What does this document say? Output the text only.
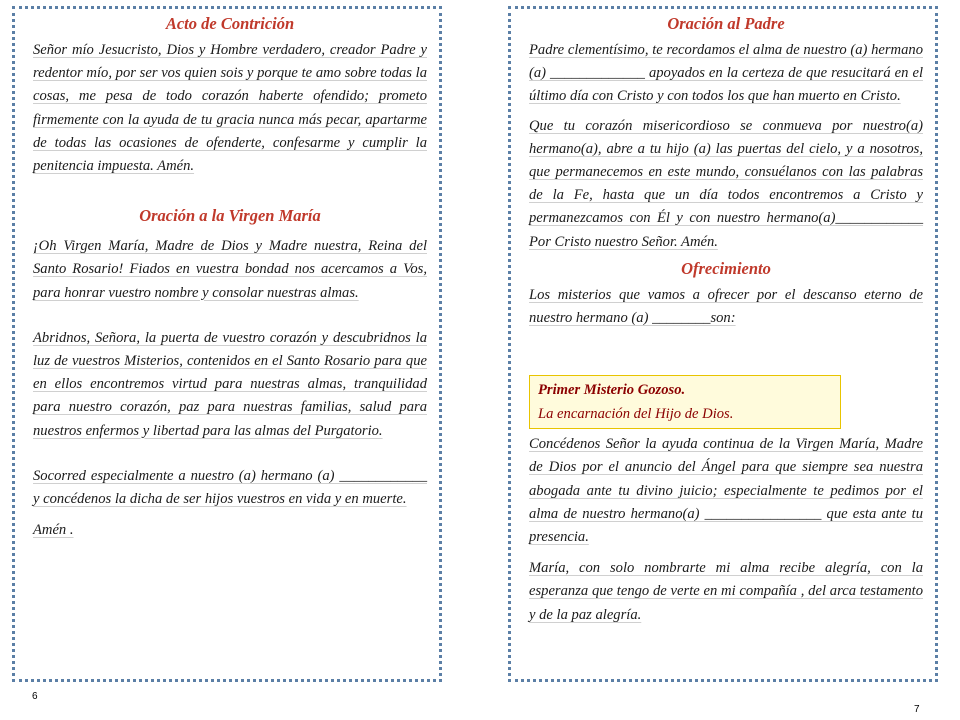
Acto de Contrición

Señor mío Jesucristo, Dios y Hombre verdadero, creador Padre y redentor mío, por ser vos quien sois y porque te amo sobre todas la cosas, me pesa de todo corazón haberte ofendido; prometo firmemente con la ayuda de tu gracia nunca más pecar, apartarme de todas las ocasiones de ofenderte, confesarme y cumplir la penitencia impuesta. Amén.

Oración a la Virgen María

¡Oh Virgen María, Madre de Dios y Madre nuestra, Reina del Santo Rosario! Fiados en vuestra bondad nos acercamos a Vos, para honrar vuestro nombre y consolar nuestras almas.

Abridnos, Señora, la puerta de vuestro corazón y descubridnos la luz de vuestros Misterios, contenidos en el Santo Rosario para que en ellos encontremos virtud para nuestras almas, tranquilidad para nuestro corazón, paz para nuestras familias, salud para nuestros enfermos y libertad para las almas del Purgatorio.

Socorred especialmente a nuestro (a) hermano (a) ____________ y concédenos la dicha de ser hijos vuestros en vida y en muerte.

Amén .

Oración al Padre

Padre clementísimo, te recordamos el alma de nuestro (a) hermano (a) _____________ apoyados en la certeza de que resucitará en el último día con Cristo y con todos los que han muerto en Cristo.

Que tu corazón misericordioso se conmueva por nuestro(a) hermano(a), abre a tu hijo (a) las puertas del cielo, y a nosotros, que permanecemos en este mundo, consuélanos con las palabras de la Fe, hasta que un día todos encontremos a Cristo y permanezcamos con Él y con nuestro hermano(a)____________ Por Cristo nuestro Señor. Amén.

Ofrecimiento

Los misterios que vamos a ofrecer por el descanso eterno de nuestro hermano (a) ________son:

Primer Misterio Gozoso.
La encarnación del Hijo de Dios.

Concédenos Señor la ayuda continua de la Virgen María, Madre de Dios por el anuncio del Ángel para que siempre sea nuestra abogada ante tu divino juicio; especialmente te pedimos por el alma de nuestro hermano(a) ________________ que esta ante tu presencia.

María, con solo nombrarte mi alma recibe alegría, con la esperanza que tengo de verte en mi compañía , del arca testamento y de la paz alegría.

6
7
